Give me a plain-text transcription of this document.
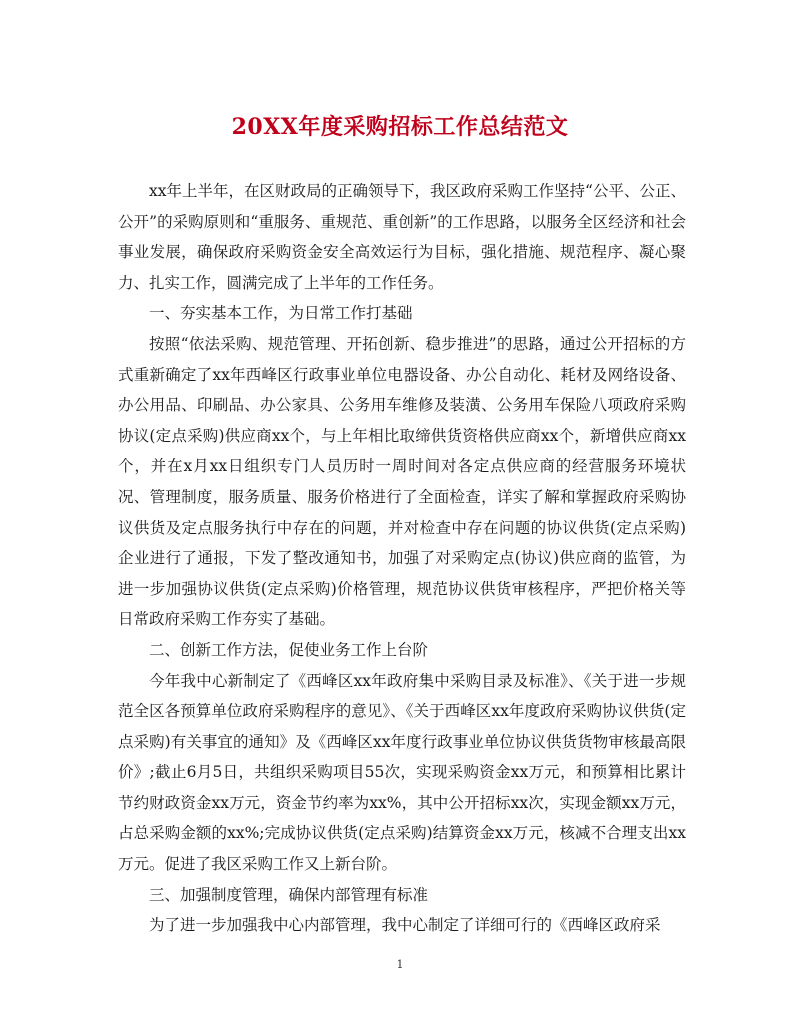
20XX年度采购招标工作总结范文

xx年上半年，在区财政局的正确领导下，我区政府采购工作坚持“公平、公正、公开”的采购原则和“重服务、重规范、重创新”的工作思路，以服务全区经济和社会事业发展，确保政府采购资金安全高效运行为目标，强化措施、规范程序、凝心聚力、扎实工作，圆满完成了上半年的工作任务。

一、夯实基本工作，为日常工作打基础

按照“依法采购、规范管理、开拓创新、稳步推进”的思路，通过公开招标的方式重新确定了xx年西峰区行政事业单位电器设备、办公自动化、耗材及网络设备、办公用品、印刷品、办公家具、公务用车维修及装潢、公务用车保险八项政府采购协议(定点采购)供应商xx个，与上年相比取缔供货资格供应商xx个，新增供应商xx个，并在x月xx日组织专门人员历时一周时间对各定点供应商的经营服务环境状况、管理制度，服务质量、服务价格进行了全面检查，详实了解和掌握政府采购协议供货及定点服务执行中存在的问题，并对检查中存在问题的协议供货(定点采购)企业进行了通报，下发了整改通知书，加强了对采购定点(协议)供应商的监管，为进一步加强协议供货(定点采购)价格管理，规范协议供货审核程序，严把价格关等日常政府采购工作夯实了基础。

二、创新工作方法，促使业务工作上台阶

今年我中心新制定了《西峰区xx年政府集中采购目录及标准》、《关于进一步规范全区各预算单位政府采购程序的意见》、《关于西峰区xx年度政府采购协议供货(定点采购)有关事宜的通知》及《西峰区xx年度行政事业单位协议供货货物审核最高限价》;截止6月5日，共组织采购项目55次，实现采购资金xx万元，和预算相比累计节约财政资金xx万元，资金节约率为xx%，其中公开招标xx次，实现金额xx万元，占总采购金额的xx%;完成协议供货(定点采购)结算资金xx万元，核减不合理支出xx万元。促进了我区采购工作又上新台阶。

三、加强制度管理，确保内部管理有标准

为了进一步加强我中心内部管理，我中心制定了详细可行的《西峰区政府采

1
